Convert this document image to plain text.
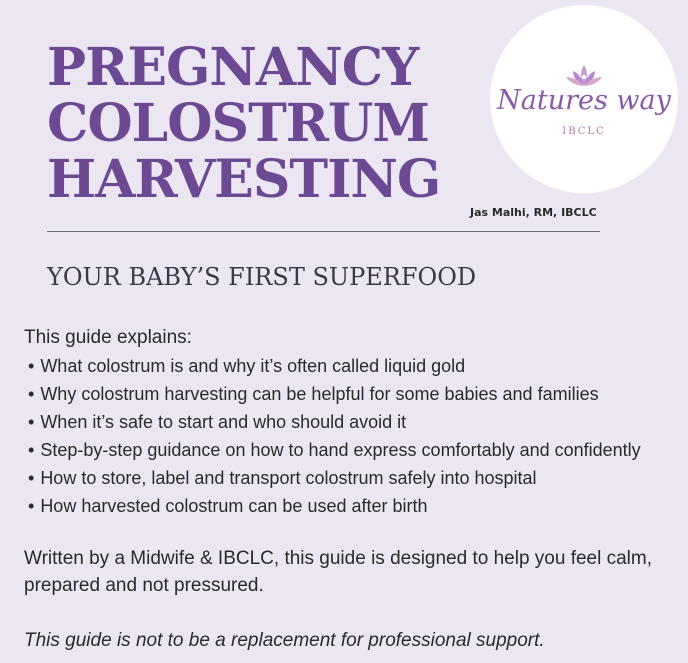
PREGNANCY
COLOSTRUM
HARVESTING
Natures way
IBCLC
Jas Malhi, RM, IBCLC
YOUR BABY’S FIRST SUPERFOOD
This guide explains:
• What colostrum is and why it’s often called liquid gold
• Why colostrum harvesting can be helpful for some babies and families
• When it’s safe to start and who should avoid it
• Step-by-step guidance on how to hand express comfortably and confidently
• How to store, label and transport colostrum safely into hospital
• How harvested colostrum can be used after birth
Written by a Midwife & IBCLC, this guide is designed to help you feel calm, prepared and not pressured.
This guide is not to be a replacement for professional support.
